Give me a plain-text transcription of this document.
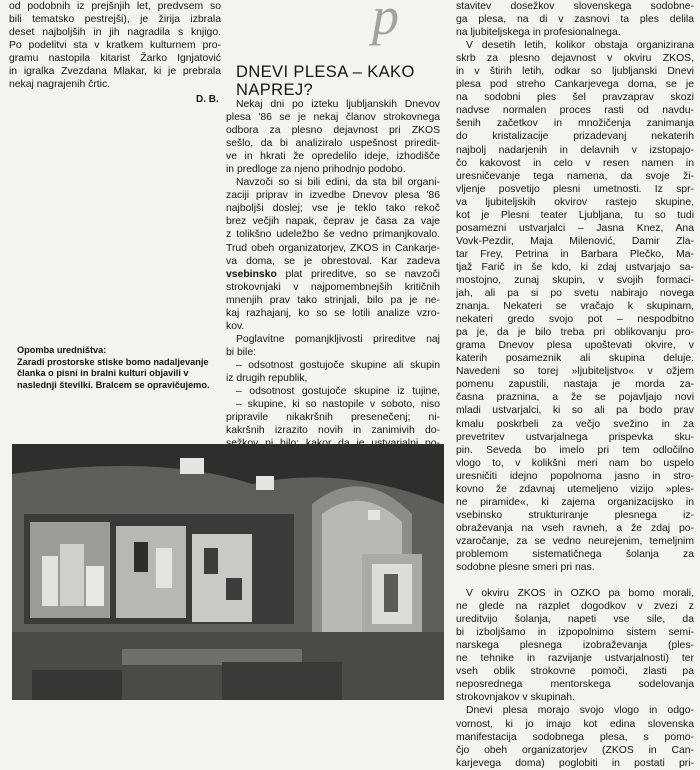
od podobnih iz prejšnjih let, predvsem so
bili tematsko pestrejši), je žirija izbrala
deset najboljših in jih nagradila s knjigo.
Po podelitvi sta v kratkem kulturnem pro-
gramu nastopila kitarist Žarko Ignjatović
in igralka Zvezdana Mlakar, ki je prebrala
nekaj nagrajenih črtic.
D. B.
p
DNEVI PLESA – KAKO NAPREJ?
Nekaj dni po izteku ljubljanskih Dnevov
plesa '86 se je nekaj članov strokovnega
odbora za plesno dejavnost pri ZKOS
sešlo, da bi analiziralo uspešnost priredit-
ve in hkrati že opredelilo ideje, izhodišče
in predloge za njeno prihodnjo podobo.
Navzoči so si bili edini, da sta bil organi-
zaciji priprav in izvedbe Dnevov plesa '86
najboljši doslej; vse je teklo tako rekoč
brez večjih napak, čeprav je časa za vaje
z tolikšno udeležbo še vedno primanjkovalo.
Trud obeh organizatorjev, ZKOS in Cankarje-
va doma, se je obrestoval. Kar zadeva
vsebinsko plat prireditve, so se navzoči
strokovnjaki v najpomembnejših kritičnih
mnenjih prav tako strinjali, bilo pa je ne-
kaj razhajanj, ko so se lotili analize vzro-
kov.
Poglavitne pomanjkljivosti prireditve naj
bi bile:
– odsotnost gostujoče skupine ali skupin
iz drugih republik,
– odsotnost gostujoče skupine iz tujine,
– skupine, ki so nastopile v soboto, niso
pripravile nikakršnih presenečenj; ni-
kakršnih izrazito novih in zanimivih do-
stavitev dosežkov slovenskega sodobne-
ga plesa, na di v zasnovi ta ples delila
na ljubiteljskega in profesionalnega.
V desetih letih, kolikor obstaja organizirana
skrb za plesno dejavnost v okviru ZKOS,
in v štirih letih, odkar so ljubljanski Dnevi
plesa pod streho Cankarjevega doma, se je
na sodobni ples šel pravzaprav skozi
nadvse normalen proces rasti od navdu-
šenih začetkov in množičenja zanimanja
do kristalizacije prizadevanj nekaterih
najbolj nadarjenih in delavnih v izstopajo-
čo kakovost in celo v resen namen in
uresničevanje tega namena, da svoje ži-
vljenje posvetijo plesni umetnosti. Iz spr-
va ljubiteljskih okvirov rastejo skupine,
kot je Plesni teater Ljubljana, tu so tudi
posamezni ustvarjalci – Jasna Knez, Ana
Vovk-Pezdir, Maja Milenović, Damir Zla-
tar Frey, Petrina in Barbara Plečko, Ma-
tjaž Farič in še kdo, ki zdaj ustvarjajo sa-
mostojno, zunaj skupin, v svojih formaci-
jah, ali pa si po svetu nabirajo novega
znanja. Nekateri se vračajo k skupinam,
nekateri gredo svojo pot – nespodbitno
pa je, da je bilo treba pri oblikovanju pro-
grama Dnevov plesa upoštevati okvire, v
katerih posameznik ali skupina deluje.
Navedeni so torej »ljubiteljstvo« v ožjem
pomenu zapustili, nastaja je morda za-
časna praznina, a že se pojavljajo novi
mladi ustvarjalci, ki so ali pa bodo prav
kmalu poskrbeli za večjo svežino in za
prevetritev ustvarjalnega prispevka sku-
pin. Seveda bo imelo pri tem odločilno
vlogo to, v kolikšni meri nam bo uspelo
uresničiti idejno popolnoma jasno in stro-
kovno že zdavnaj utemeljeno vizijo »ples-
ne piramide«, ki zajema organizacijsko in
vsebinsko strukturiranje plesnega iz-
obraževanja na vseh ravneh, a že zdaj po-
vzaročanje, za se vedno neurejenim, temeljnim
problemom sistematičnega šolanja za
sodobne plesne smeri pri nas.
V okviru ZKOS in OZKO pa bomo morali,
ne glede na razplet dogodkov v zvezi z
ureditvijo šolanja, napeti vse sile, da
bi izboljšamo in izpopolnimo sistem semi-
narskega plesnega izobraževanja (ples-
ne tehnike in razvijanje ustvarjalnosti) ter
vseh oblik strokovne pomoči, zlasti pa
neposrednega mentorskega sodelovanja
strokovnjakov v skupinah.
Dnevi plesa morajo svojo vlogo in odgo-
vornost, ki jo imajo kot edina slovenska
manifestacija sodobnega plesa, s pomo-
čjo obeh organizatorjev (ZKOS in Can-
karjevega doma) poglobiti in postati pri-
Opomba uredništva:
Zaradi prostorske stiske bomo nadaljevanje članka o pisni in bralni kulturi objavili v naslednji številki. Bralcem se opravičujemo.
